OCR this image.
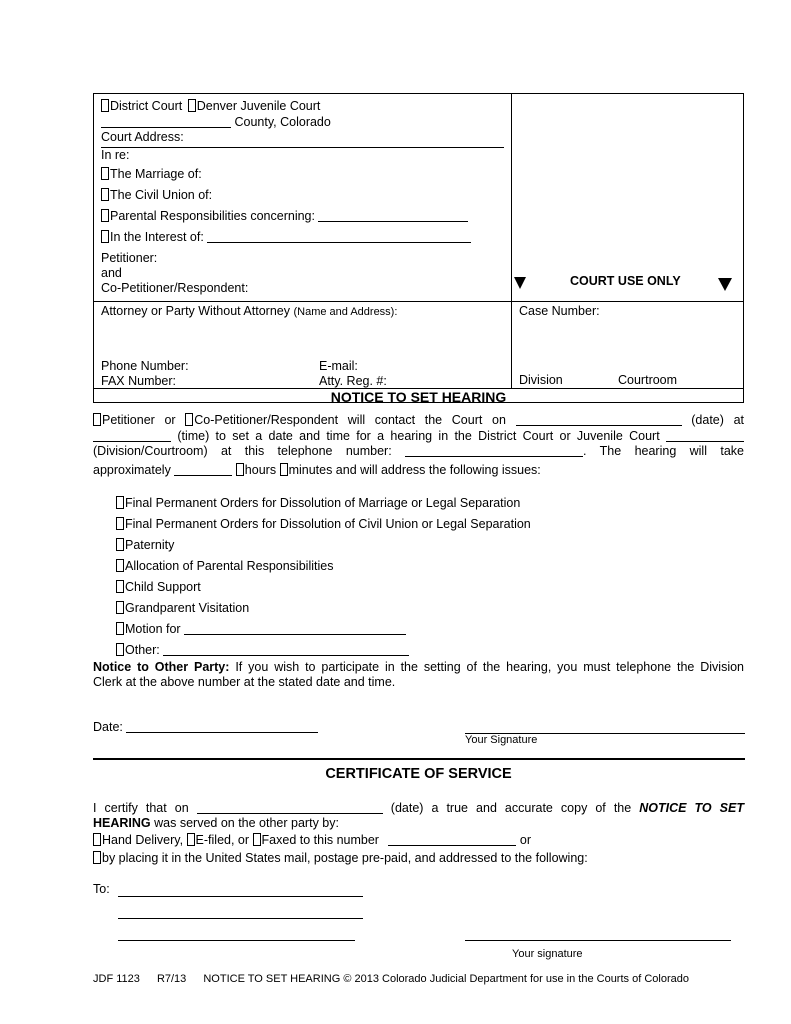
District Court Denver Juvenile Court
County, Colorado
Court Address:
In re:
The Marriage of:
The Civil Union of:
Parental Responsibilities concerning:
In the Interest of:
Petitioner:
and
Co-Petitioner/Respondent:	COURT USE ONLY
Attorney or Party Without Attorney (Name and Address):
Phone Number:	E-mail:
FAX Number:	Atty. Reg. #:
Case Number:
Division	Courtroom
NOTICE TO SET HEARING
Petitioner or Co-Petitioner/Respondent will contact the Court on	(date) at
(time) to set a date and time for a hearing in the District Court or Juvenile Court
(Division/Courtroom) at this telephone number:	. The hearing will take
approximately	hours minutes and will address the following issues:
Final Permanent Orders for Dissolution of Marriage or Legal Separation
Final Permanent Orders for Dissolution of Civil Union or Legal Separation
Paternity
Allocation of Parental Responsibilities
Child Support
Grandparent Visitation
Motion for
Other:
Notice to Other Party: If you wish to participate in the setting of the hearing, you must telephone the Division
Clerk at the above number at the stated date and time.
Date:
Your Signature
CERTIFICATE OF SERVICE
I certify that on	(date) a true and accurate copy of the NOTICE TO SET
HEARING was served on the other party by:
Hand Delivery, E-filed, or Faxed to this number	or
by placing it in the United States mail, postage pre-paid, and addressed to the following:
To:
Your signature
JDF 1123 R7/13 NOTICE TO SET HEARING © 2013 Colorado Judicial Department for use in the Courts of Colorado
